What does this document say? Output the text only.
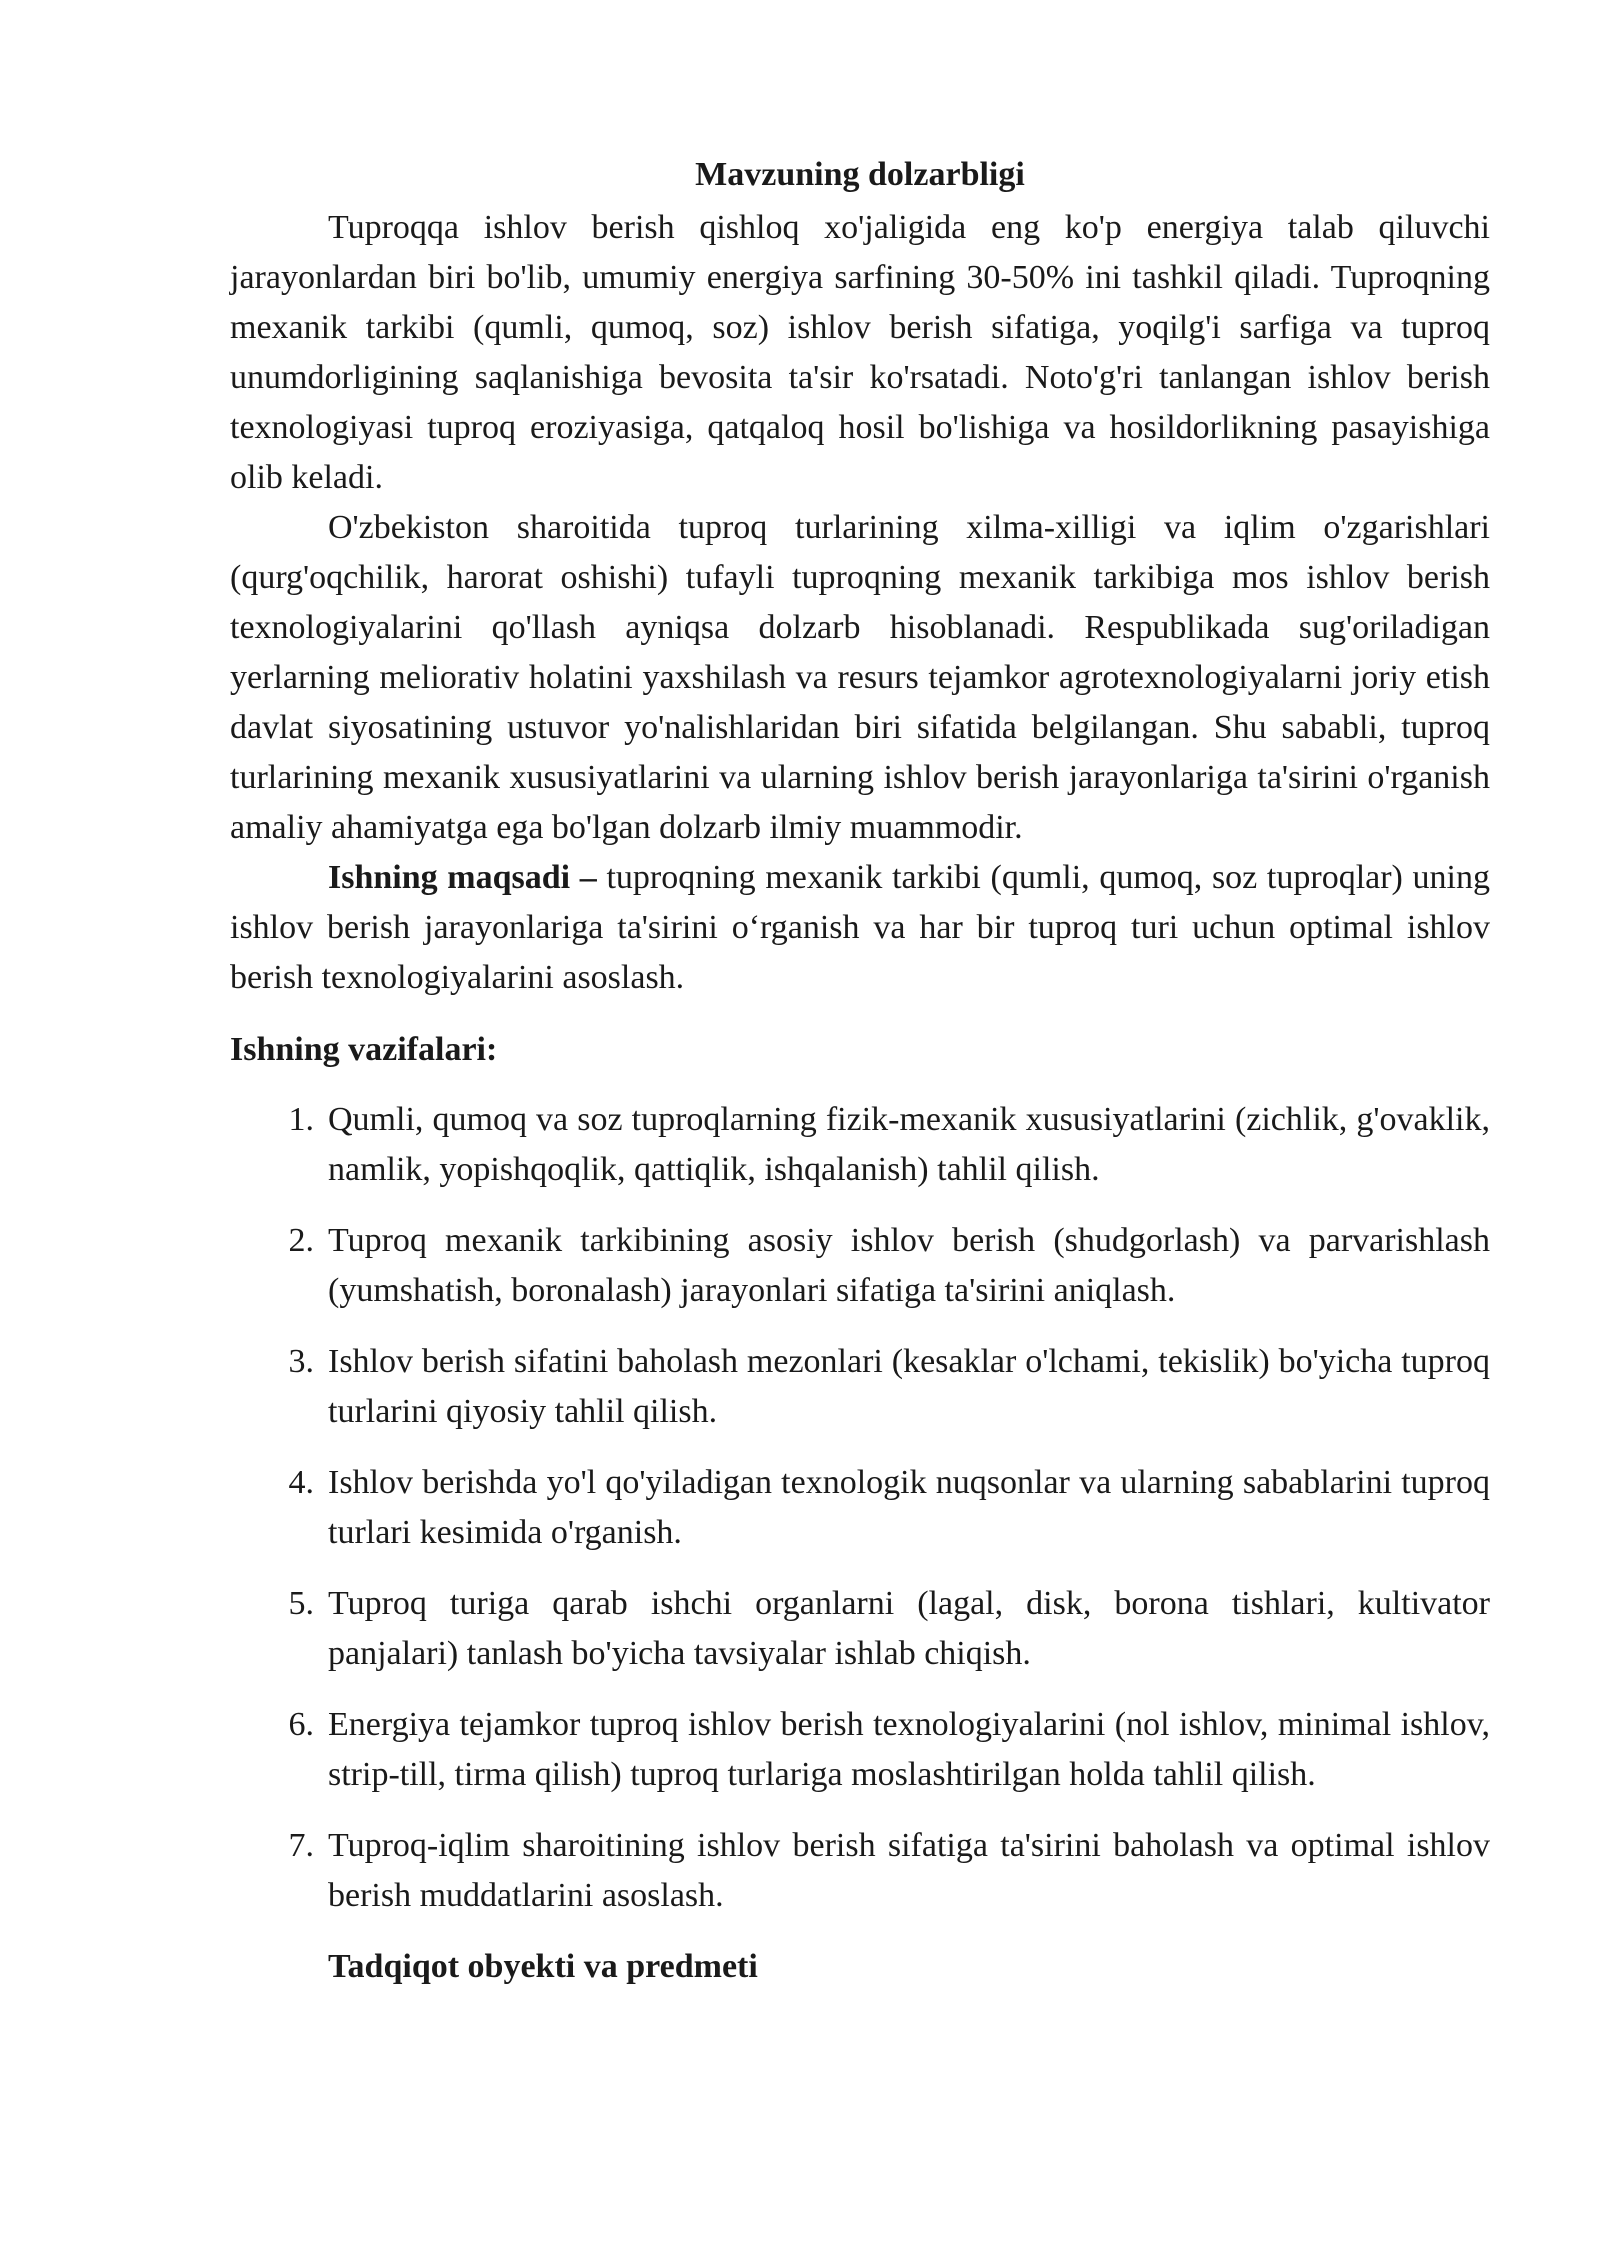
Mavzuning dolzarbligi

Tuproqqa ishlov berish qishloq xo'jaligida eng ko'p energiya talab qiluvchi jarayonlardan biri bo'lib, umumiy energiya sarfining 30-50% ini tashkil qiladi. Tuproqning mexanik tarkibi (qumli, qumoq, soz) ishlov berish sifatiga, yoqilg'i sarfiga va tuproq unumdorligining saqlanishiga bevosita ta'sir ko'rsatadi. Noto'g'ri tanlangan ishlov berish texnologiyasi tuproq eroziyasiga, qatqaloq hosil bo'lishiga va hosildorlikning pasayishiga olib keladi.

O'zbekiston sharoitida tuproq turlarining xilma-xilligi va iqlim o'zgarishlari (qurg'oqchilik, harorat oshishi) tufayli tuproqning mexanik tarkibiga mos ishlov berish texnologiyalarini qo'llash ayniqsa dolzarb hisoblanadi. Respublikada sug'oriladigan yerlarning meliorativ holatini yaxshilash va resurs tejamkor agrotexnologiyalarni joriy etish davlat siyosatining ustuvor yo'nalishlaridan biri sifatida belgilangan. Shu sababli, tuproq turlarining mexanik xususiyatlarini va ularning ishlov berish jarayonlariga ta'sirini o'rganish amaliy ahamiyatga ega bo'lgan dolzarb ilmiy muammodir.

Ishning maqsadi – tuproqning mexanik tarkibi (qumli, qumoq, soz tuproqlar) uning ishlov berish jarayonlariga ta'sirini o‘rganish va har bir tuproq turi uchun optimal ishlov berish texnologiyalarini asoslash.

Ishning vazifalari:

1. Qumli, qumoq va soz tuproqlarning fizik-mexanik xususiyatlarini (zichlik, g'ovaklik, namlik, yopishqoqlik, qattiqlik, ishqalanish) tahlil qilish.
2. Tuproq mexanik tarkibining asosiy ishlov berish (shudgorlash) va parvarishlash (yumshatish, boronalash) jarayonlari sifatiga ta'sirini aniqlash.
3. Ishlov berish sifatini baholash mezonlari (kesaklar o'lchami, tekislik) bo'yicha tuproq turlarini qiyosiy tahlil qilish.
4. Ishlov berishda yo'l qo'yiladigan texnologik nuqsonlar va ularning sabablarini tuproq turlari kesimida o'rganish.
5. Tuproq turiga qarab ishchi organlarni (lagal, disk, borona tishlari, kultivator panjalari) tanlash bo'yicha tavsiyalar ishlab chiqish.
6. Energiya tejamkor tuproq ishlov berish texnologiyalarini (nol ishlov, minimal ishlov, strip-till, tirma qilish) tuproq turlariga moslashtirilgan holda tahlil qilish.
7. Tuproq-iqlim sharoitining ishlov berish sifatiga ta'sirini baholash va optimal ishlov berish muddatlarini asoslash.

Tadqiqot obyekti va predmeti
